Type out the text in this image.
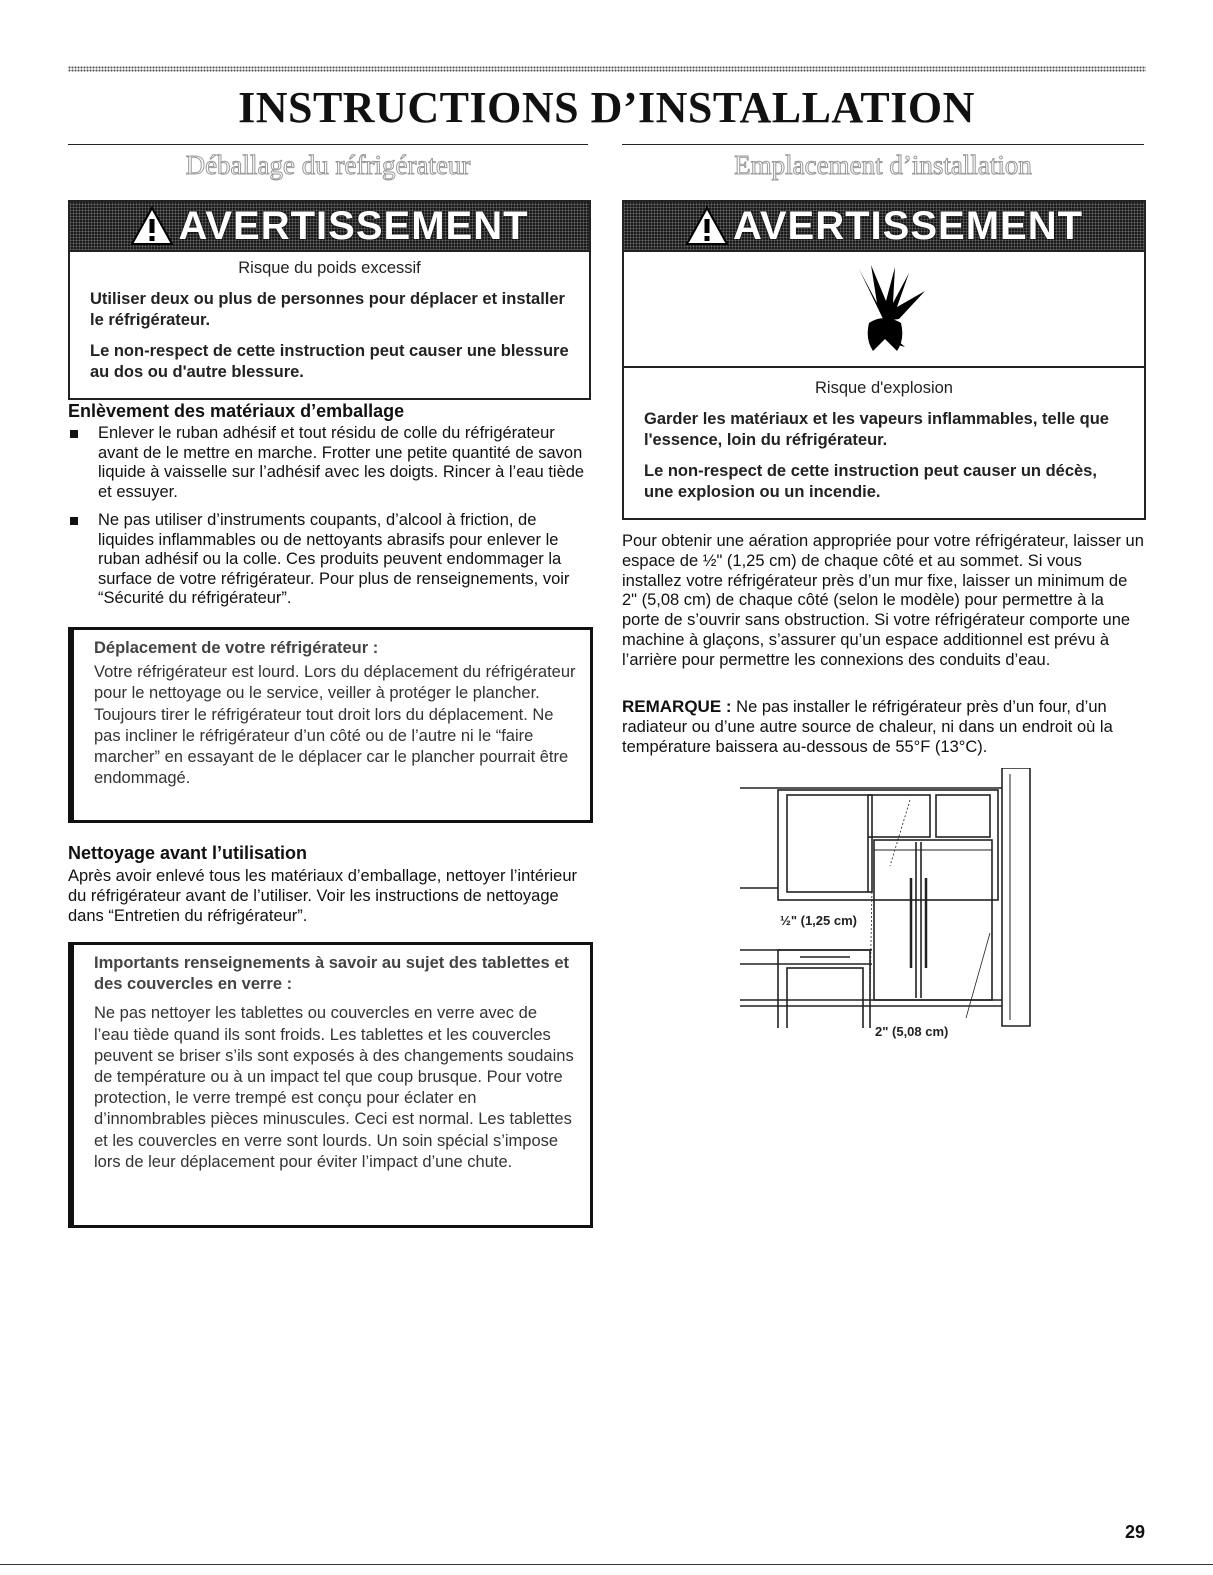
INSTRUCTIONS D’INSTALLATION
Déballage du réfrigérateur
AVERTISSEMENT
Risque du poids excessif
Utiliser deux ou plus de personnes pour déplacer et installer le réfrigérateur.
Le non-respect de cette instruction peut causer une blessure au dos ou d'autre blessure.
Enlèvement des matériaux d’emballage
Enlever le ruban adhésif et tout résidu de colle du réfrigérateur avant de le mettre en marche. Frotter une petite quantité de savon liquide à vaisselle sur l’adhésif avec les doigts. Rincer à l’eau tiède et essuyer.
Ne pas utiliser d’instruments coupants, d’alcool à friction, de liquides inflammables ou de nettoyants abrasifs pour enlever le ruban adhésif ou la colle. Ces produits peuvent endommager la surface de votre réfrigérateur. Pour plus de renseignements, voir “Sécurité du réfrigérateur”.
Déplacement de votre réfrigérateur :
Votre réfrigérateur est lourd. Lors du déplacement du réfrigérateur pour le nettoyage ou le service, veiller à protéger le plancher. Toujours tirer le réfrigérateur tout droit lors du déplacement. Ne pas incliner le réfrigérateur d’un côté ou de l’autre ni le “faire marcher” en essayant de le déplacer car le plancher pourrait être endommagé.
Nettoyage avant l’utilisation
Après avoir enlevé tous les matériaux d’emballage, nettoyer l’intérieur du réfrigérateur avant de l’utiliser. Voir les instructions de nettoyage dans “Entretien du réfrigérateur”.
Importants renseignements à savoir au sujet des tablettes et des couvercles en verre :
Ne pas nettoyer les tablettes ou couvercles en verre avec de l’eau tiède quand ils sont froids. Les tablettes et les couvercles peuvent se briser s’ils sont exposés à des changements soudains de température ou à un impact tel que coup brusque. Pour votre protection, le verre trempé est conçu pour éclater en d’innombrables pièces minuscules. Ceci est normal. Les tablettes et les couvercles en verre sont lourds. Un soin spécial s’impose lors de leur déplacement pour éviter l’impact d’une chute.
Emplacement d’installation
AVERTISSEMENT
Risque d'explosion
Garder les matériaux et les vapeurs inflammables, telle que l'essence, loin du réfrigérateur.
Le non-respect de cette instruction peut causer un décès, une explosion ou un incendie.
Pour obtenir une aération appropriée pour votre réfrigérateur, laisser un espace de ½" (1,25 cm) de chaque côté et au sommet. Si vous installez votre réfrigérateur près d’un mur fixe, laisser un minimum de 2" (5,08 cm) de chaque côté (selon le modèle) pour permettre à la porte de s’ouvrir sans obstruction. Si votre réfrigérateur comporte une machine à glaçons, s’assurer qu’un espace additionnel est prévu à l’arrière pour permettre les connexions des conduits d’eau.
REMARQUE : Ne pas installer le réfrigérateur près d’un four, d’un radiateur ou d’une autre source de chaleur, ni dans un endroit où la température baissera au-dessous de 55°F (13°C).
½" (1,25 cm)
2" (5,08 cm)
29
